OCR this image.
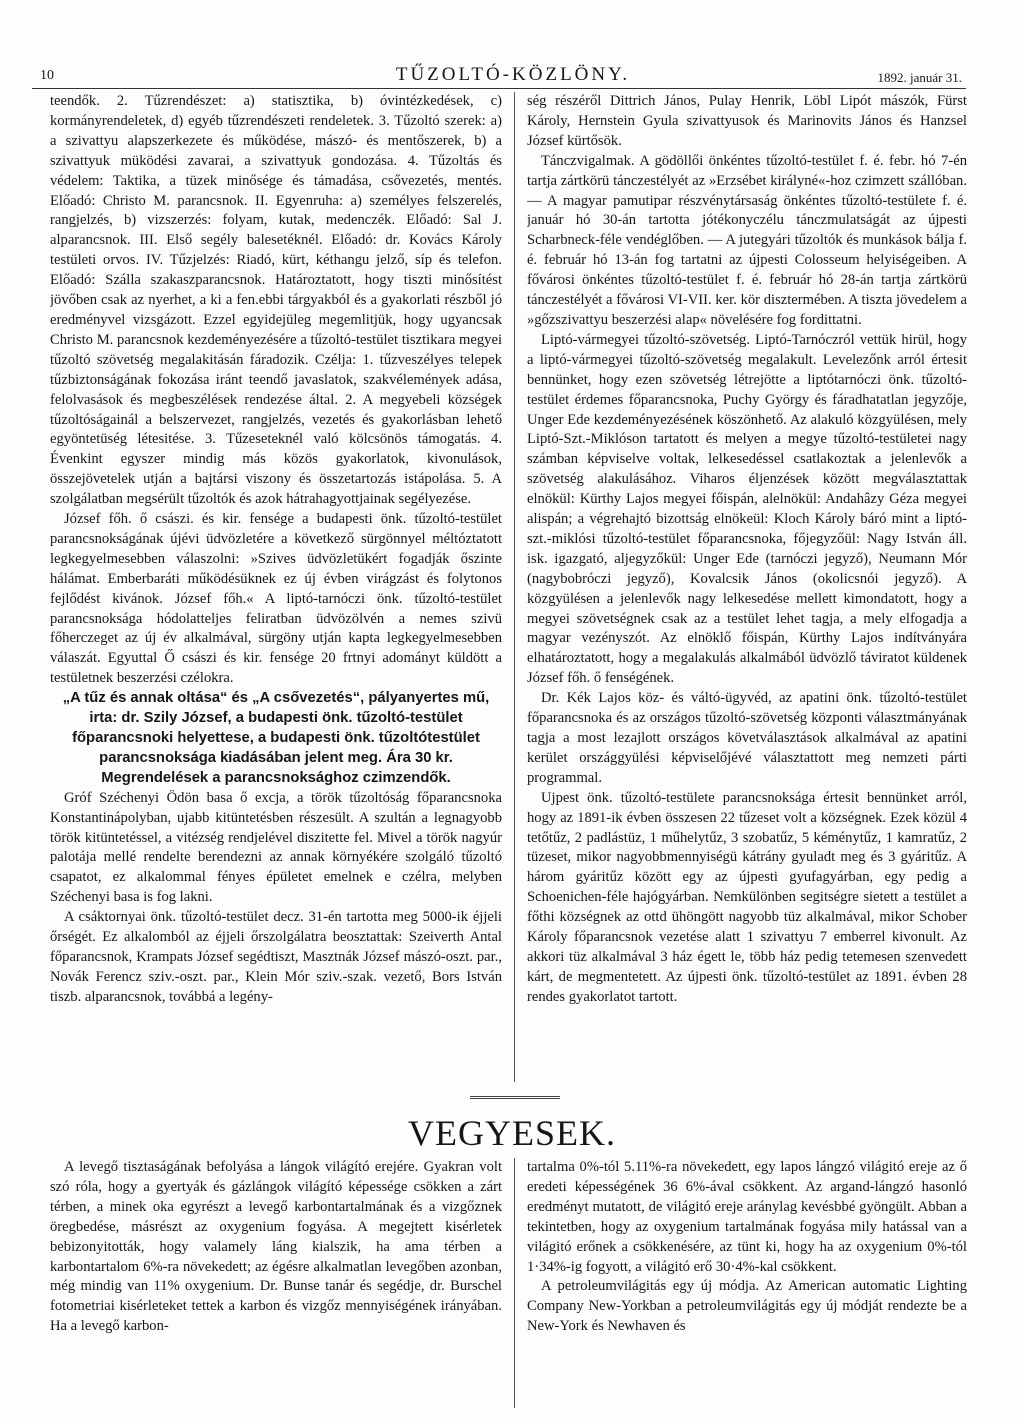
10	TŰZOLTÓ-KÖZLÖNY.	1892. január 31.

teendők. 2. Tűzrendészet: a) statisztika, b) óvintézkedések, c) kormányrendeletek, d) egyéb tűzrendészeti rendeletek. 3. Tűzoltó szerek: a) a szivattyu alapszerkezete és működése, mászó- és mentőszerek, b) a szivattyuk müködési zavarai, a szivattyuk gondozása. 4. Tűzoltás és védelem: Taktika, a tüzek minősége és támadása, csővezetés, mentés. Előadó: Christo M. parancsnok. II. Egyenruha: a) személyes felszerelés, rangjelzés, b) vizszerzés: folyam, kutak, medenczék. Előadó: Sal J. alparancsnok. III. Első segély balesetéknél. Előadó: dr. Kovács Károly testületi orvos. IV. Tűzjelzés: Riadó, kürt, kéthangu jelző, síp és telefon. Előadó: Szálla szakaszparancsnok. Határoztatott, hogy tiszti minősítést jövőben csak az nyerhet, a ki a fen.ebbi tárgyakból és a gyakorlati részből jó eredményvel vizsgázott. Ezzel egyidejüleg megemlitjük, hogy ugyancsak Christo M. parancsnok kezdeményezésére a tűzoltó-testület tisztikara megyei tűzoltó szövetség megalakitásán fáradozik. Czélja: 1. tűzveszélyes telepek tűzbiztonságának fokozása iránt teendő javaslatok, szakvélemények adása, felolvasások és megbeszélések rendezése által. 2. A megyebeli községek tűzoltóságainál a belszervezet, rangjelzés, vezetés és gyakorlásban lehető egyöntetüség létesitése. 3. Tűzeseteknél való kölcsönös támogatás. 4. Évenkint egyszer mindig más közös gyakorlatok, kivonulások, összejövetelek utján a bajtársi viszony és összetartozás istápolása. 5. A szolgálatban megsérült tűzoltók és azok hátrahagyottjainak segélyezése.

József főh. ő császi. és kir. fensége a budapesti önk. tűzoltó-testület parancsnokságának újévi üdvözletére a következő sürgönnyel méltóztatott legkegyelmesebben válaszolni: »Szives üdvözletükért fogadják őszinte hálámat. Emberbaráti működésüknek ez új évben virágzást és folytonos fejlődést kivánok. József főh.« A liptó-tarnóczi önk. tűzoltó-testület parancsnoksága hódolatteljes feliratban üdvözölvén a nemes szivü főherczeget az új év alkalmával, sürgöny utján kapta legkegyelmesebben válaszát. Egyuttal Ő császi és kir. fensége 20 frtnyi adományt küldött a testületnek beszerzési czélokra.

„A tűz és annak oltása“ és „A csővezetés“, pályanyertes mű, irta: dr. Szily József, a budapesti önk. tűzoltó-testület főparancsnoki helyettese, a budapesti önk. tűzoltótestület parancsnoksága kiadásában jelent meg. Ára 30 kr. Megrendelések a parancsnoksághoz czimzendők.

Gróf Széchenyi Ödön basa ő excja, a török tűzoltóság főparancsnoka Konstantinápolyban, ujabb kitüntetésben részesült. A szultán a legnagyobb török kitüntetéssel, a vitézség rendjelével diszitette fel. Mivel a török nagyúr palotája mellé rendelte berendezni az annak környékére szolgáló tűzoltó csapatot, ez alkalommal fényes épületet emelnek e czélra, melyben Széchenyi basa is fog lakni.

A csáktornyai önk. tűzoltó-testület decz. 31-én tartotta meg 5000-ik éjjeli őrségét. Ez alkalomból az éjjeli őrszolgálatra beosztattak: Szeiverth Antal főparancsnok, Krampats József segédtiszt, Masztnák József mászó-oszt. par., Novák Ferencz sziv.-oszt. par., Klein Mór sziv.-szak. vezető, Bors István tiszb. alparancsnok, továbbá a legény-

ség részéről Dittrich János, Pulay Henrik, Löbl Lipót mászók, Fürst Károly, Hernstein Gyula szivattyusok és Marinovits János és Hanzsel József kürtősök.

Tánczvigalmak. A gödöllői önkéntes tűzoltó-testület f. é. febr. hó 7-én tartja zártkörü tánczestélyét az »Erzsébet királyné«-hoz czimzett szállóban. — A magyar pamutipar részvénytársaság önkéntes tűzoltó-testülete f. é. január hó 30-án tartotta jótékonyczélu tánczmulatságát az újpesti Scharbneck-féle vendéglőben. — A jutegyári tűzoltók és munkások bálja f. é. február hó 13-án fog tartatni az újpesti Colosseum helyiségeiben. A fővárosi önkéntes tűzoltó-testület f. é. február hó 28-án tartja zártkörü tánczestélyét a fővárosi VI-VII. ker. kör disztermében. A tiszta jövedelem a »gőzszivattyu beszerzési alap« növelésére fog fordittatni.

Liptó-vármegyei tűzoltó-szövetség. Liptó-Tarnóczról vettük hirül, hogy a liptó-vármegyei tűzoltó-szövetség megalakult. Levelezőnk arról értesit bennünket, hogy ezen szövetség létrejötte a liptótarnóczi önk. tűzoltó-testület érdemes főparancsnoka, Puchy György és fáradhatatlan jegyzője, Unger Ede kezdeményezésének köszönhető. Az alakuló közgyülésen, mely Liptó-Szt.-Miklóson tartatott és melyen a megye tűzoltó-testületei nagy számban képviselve voltak, lelkesedéssel csatlakoztak a jelenlevők a szövetség alakulásához. Viharos éljenzések között megválasztattak elnökül: Kürthy Lajos megyei főispán, alelnökül: Andahâzy Géza megyei alispán; a végrehajtó bizottság elnökeül: Kloch Károly báró mint a liptó-szt.-miklósi tűzoltó-testület főparancsnoka, főjegyzőül: Nagy István áll. isk. igazgató, aljegyzőkül: Unger Ede (tarnóczi jegyző), Neumann Mór (nagybobróczi jegyző), Kovalcsik János (okolicsnói jegyző). A közgyülésen a jelenlevők nagy lelkesedése mellett kimondatott, hogy a megyei szövetségnek csak az a testület lehet tagja, a mely elfogadja a magyar vezényszót. Az elnöklő főispán, Kürthy Lajos indítványára elhatároztatott, hogy a megalakulás alkalmából üdvözlő táviratot küldenek József főh. ő fenségének.

Dr. Kék Lajos köz- és váltó-ügyvéd, az apatini önk. tűzoltó-testület főparancsnoka és az országos tűzoltó-szövetség központi választmányának tagja a most lezajlott országos követválasztások alkalmával az apatini kerület országgyülési képviselőjévé választattott meg nemzeti párti programmal.

Ujpest önk. tűzoltó-testülete parancsnoksága értesit bennünket arról, hogy az 1891-ik évben összesen 22 tűzeset volt a községnek. Ezek közül 4 tetőtűz, 2 padlástüz, 1 műhelytűz, 3 szobatűz, 5 kéménytűz, 1 kamratűz, 2 tüzeset, mikor nagyobbmennyiségü kátrány gyuladt meg és 3 gyáritűz. A három gyáritűz között egy az újpesti gyufagyárban, egy pedig a Schoenichen-féle hajógyárban. Nemkülönben segitségre sietett a testület a főthi községnek az ottd ühöngött nagyobb tüz alkalmával, mikor Schober Károly főparancsnok vezetése alatt 1 szivattyu 7 emberrel kivonult. Az akkori tüz alkalmával 3 ház égett le, több ház pedig tetemesen szenvedett kárt, de megmentetett. Az újpesti önk. tűzoltó-testület az 1891. évben 28 rendes gyakorlatot tartott.

VEGYESEK.

A levegő tisztaságának befolyása a lángok világító erejére. Gyakran volt szó róla, hogy a gyertyák és gázlángok világító képessége csökken a zárt térben, a minek oka egyrészt a levegő karbontartalmának és a vizgőznek öregbedése, másrészt az oxygenium fogyása. A megejtett kisérletek bebizonyitották, hogy valamely láng kialszik, ha ama térben a karbontartalom 6%-ra növekedett; az égésre alkalmatlan levegőben azonban, még mindig van 11% oxygenium. Dr. Bunse tanár és segédje, dr. Burschel fotometriai kisérleteket tettek a karbon és vizgőz mennyiségének irányában. Ha a levegő karbon-

tartalma 0%-tól 5.11%-ra növekedett, egy lapos lángzó világitó ereje az ő eredeti képességének 36 6%-ával csökkent. Az argand-lángzó hasonló eredményt mutatott, de világitó ereje aránylag kevésbbé gyöngült. Abban a tekintetben, hogy az oxygenium tartalmának fogyása mily hatással van a világitó erőnek a csökkenésére, az tünt ki, hogy ha az oxygenium 0%-tól 1·34%-ig fogyott, a világitó erő 30·4%-kal csökkent.

A petroleumvilágitás egy új módja. Az American automatic Lighting Company New-Yorkban a petroleumvilágitás egy új módját rendezte be a New-York és Newhaven és
